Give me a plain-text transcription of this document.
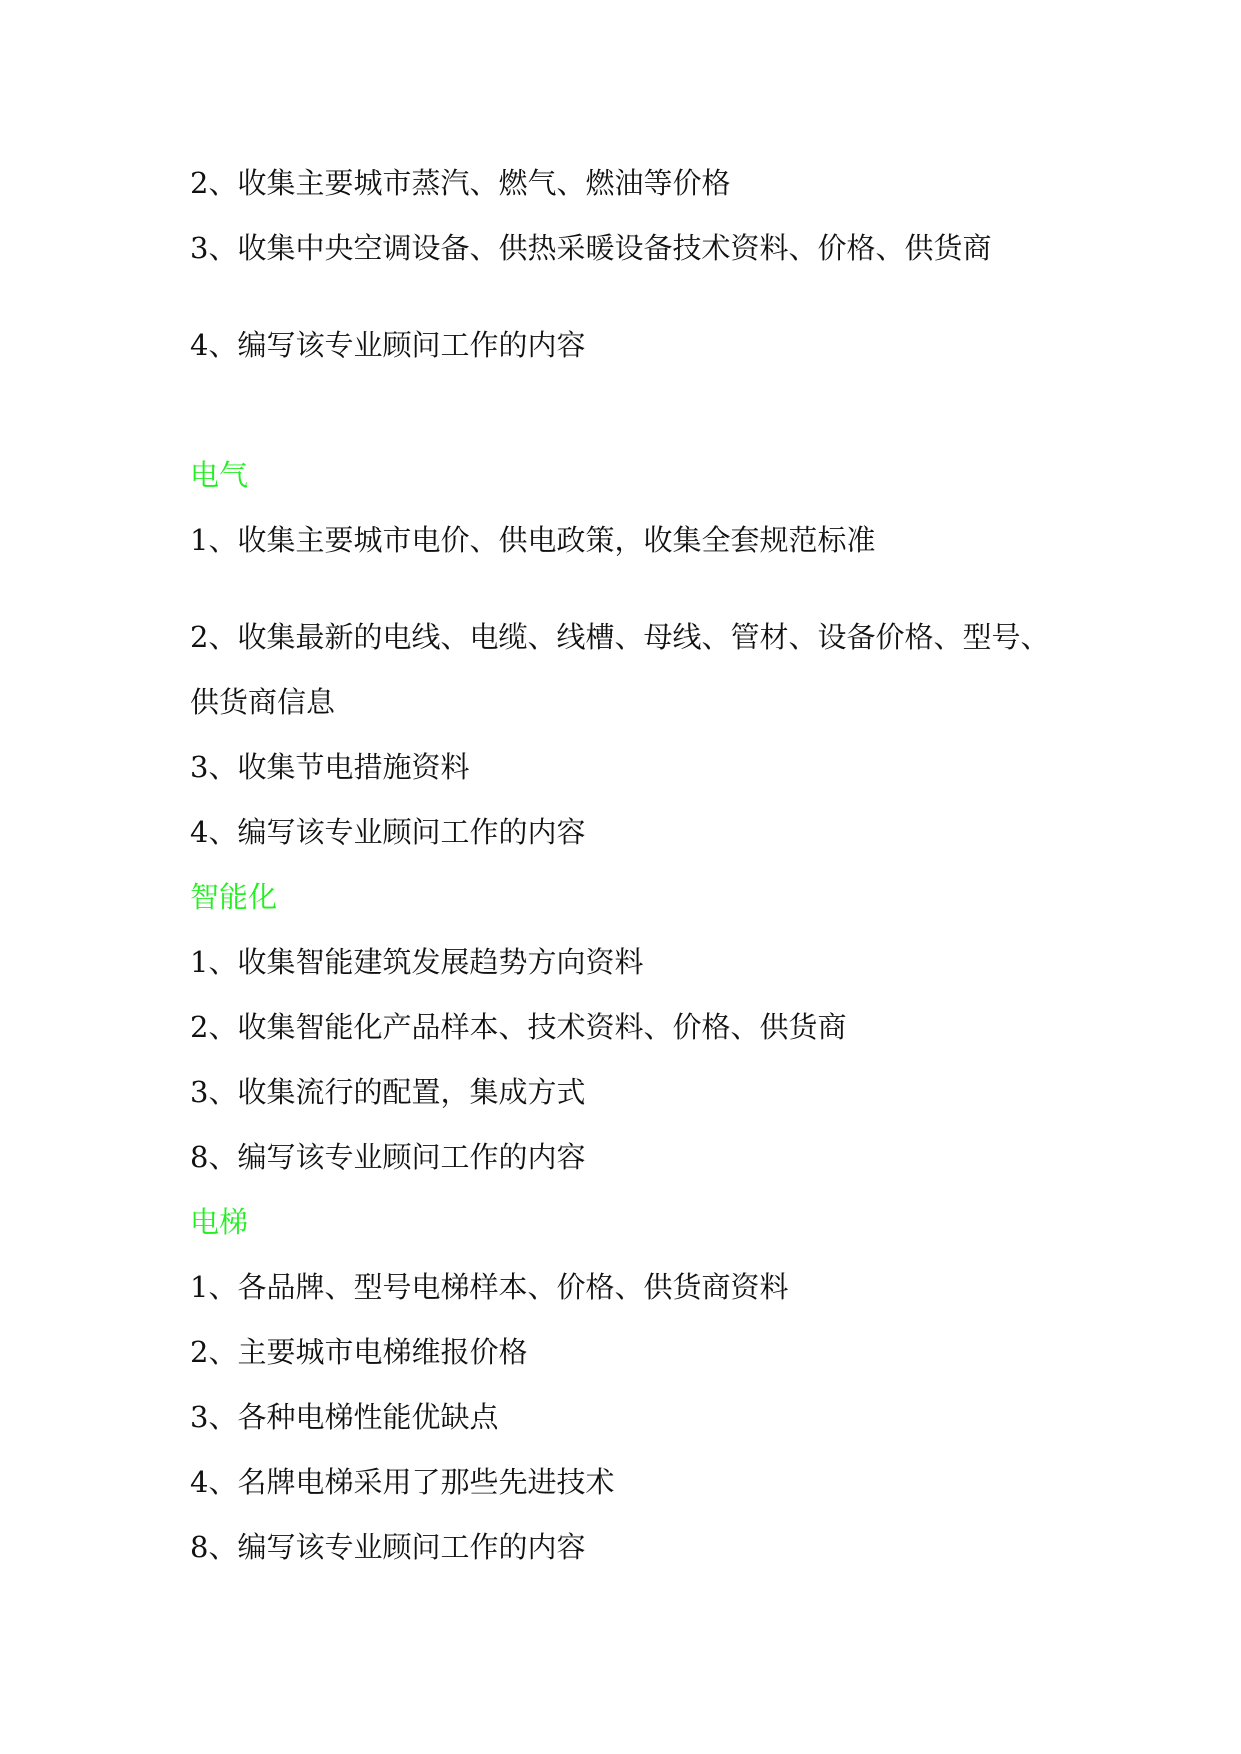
2、收集主要城市蒸汽、燃气、燃油等价格

3、收集中央空调设备、供热采暖设备技术资料、价格、供货商

4、编写该专业顾问工作的内容

电气

1、收集主要城市电价、供电政策，收集全套规范标准

2、收集最新的电线、电缆、线槽、母线、管材、设备价格、型号、

供货商信息

3、收集节电措施资料

4、编写该专业顾问工作的内容

智能化

1、收集智能建筑发展趋势方向资料

2、收集智能化产品样本、技术资料、价格、供货商

3、收集流行的配置，集成方式

8、编写该专业顾问工作的内容

电梯

1、各品牌、型号电梯样本、价格、供货商资料

2、主要城市电梯维报价格

3、各种电梯性能优缺点

4、名牌电梯采用了那些先进技术

8、编写该专业顾问工作的内容
